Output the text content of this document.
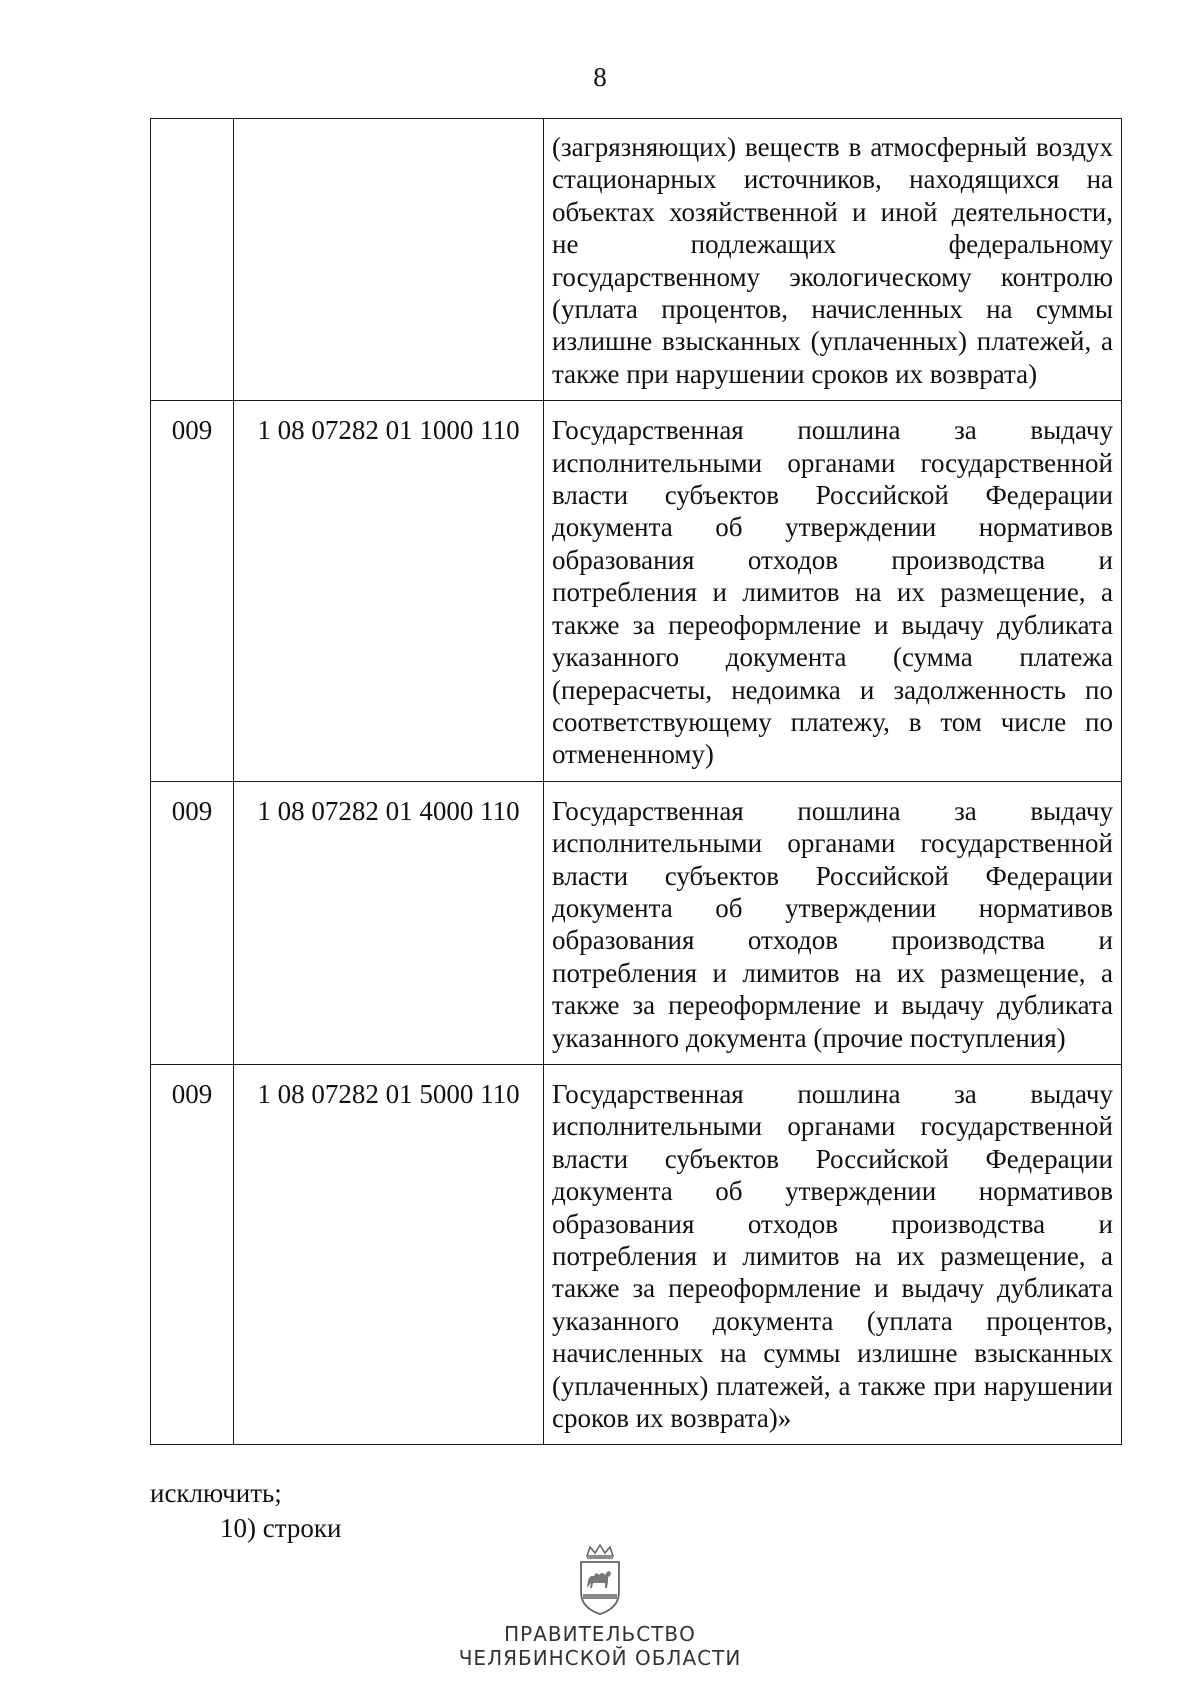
8
		(загрязняющих) веществ в атмосферный воздух стационарных источников, находящихся на объектах хозяйственной и иной деятельности, не подлежащих федеральному государственному экологическому контролю (уплата процентов, начисленных на суммы излишне взысканных (уплаченных) платежей, а также при нарушении сроков их возврата)
009	1 08 07282 01 1000 110	Государственная пошлина за выдачу исполнительными органами государственной власти субъектов Российской Федерации документа об утверждении нормативов образования отходов производства и потребления и лимитов на их размещение, а также за переоформление и выдачу дубликата указанного документа (сумма платежа (перерасчеты, недоимка и задолженность по соответствующему платежу, в том числе по отмененному)
009	1 08 07282 01 4000 110	Государственная пошлина за выдачу исполнительными органами государственной власти субъектов Российской Федерации документа об утверждении нормативов образования отходов производства и потребления и лимитов на их размещение, а также за переоформление и выдачу дубликата указанного документа (прочие поступления)
009	1 08 07282 01 5000 110	Государственная пошлина за выдачу исполнительными органами государственной власти субъектов Российской Федерации документа об утверждении нормативов образования отходов производства и потребления и лимитов на их размещение, а также за переоформление и выдачу дубликата указанного документа (уплата процентов, начисленных на суммы излишне взысканных (уплаченных) платежей, а также при нарушении сроков их возврата)»
исключить;
10) строки
ПРАВИТЕЛЬСТВО
ЧЕЛЯБИНСКОЙ ОБЛАСТИ
